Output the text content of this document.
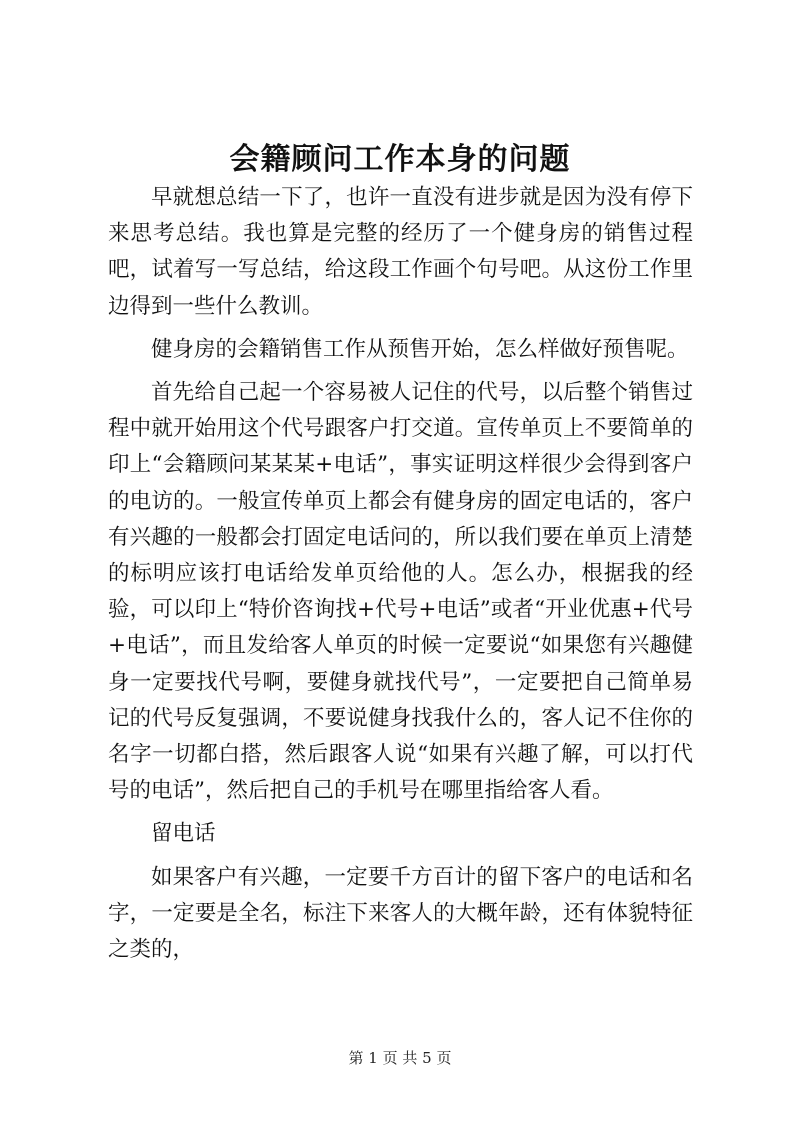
会籍顾问工作本身的问题

早就想总结一下了，也许一直没有进步就是因为没有停下来思考总结。我也算是完整的经历了一个健身房的销售过程吧，试着写一写总结，给这段工作画个句号吧。从这份工作里边得到一些什么教训。

健身房的会籍销售工作从预售开始，怎么样做好预售呢。

首先给自己起一个容易被人记住的代号，以后整个销售过程中就开始用这个代号跟客户打交道。宣传单页上不要简单的印上“会籍顾问某某某+电话”，事实证明这样很少会得到客户的电访的。一般宣传单页上都会有健身房的固定电话的，客户有兴趣的一般都会打固定电话问的，所以我们要在单页上清楚的标明应该打电话给发单页给他的人。怎么办，根据我的经验，可以印上“特价咨询找+代号+电话”或者“开业优惠+代号+电话”，而且发给客人单页的时候一定要说“如果您有兴趣健身一定要找代号啊，要健身就找代号”，一定要把自己简单易记的代号反复强调，不要说健身找我什么的，客人记不住你的名字一切都白搭，然后跟客人说“如果有兴趣了解，可以打代号的电话”，然后把自己的手机号在哪里指给客人看。

留电话

如果客户有兴趣，一定要千方百计的留下客户的电话和名字，一定要是全名，标注下来客人的大概年龄，还有体貌特征之类的，

第 1 页 共 5 页
